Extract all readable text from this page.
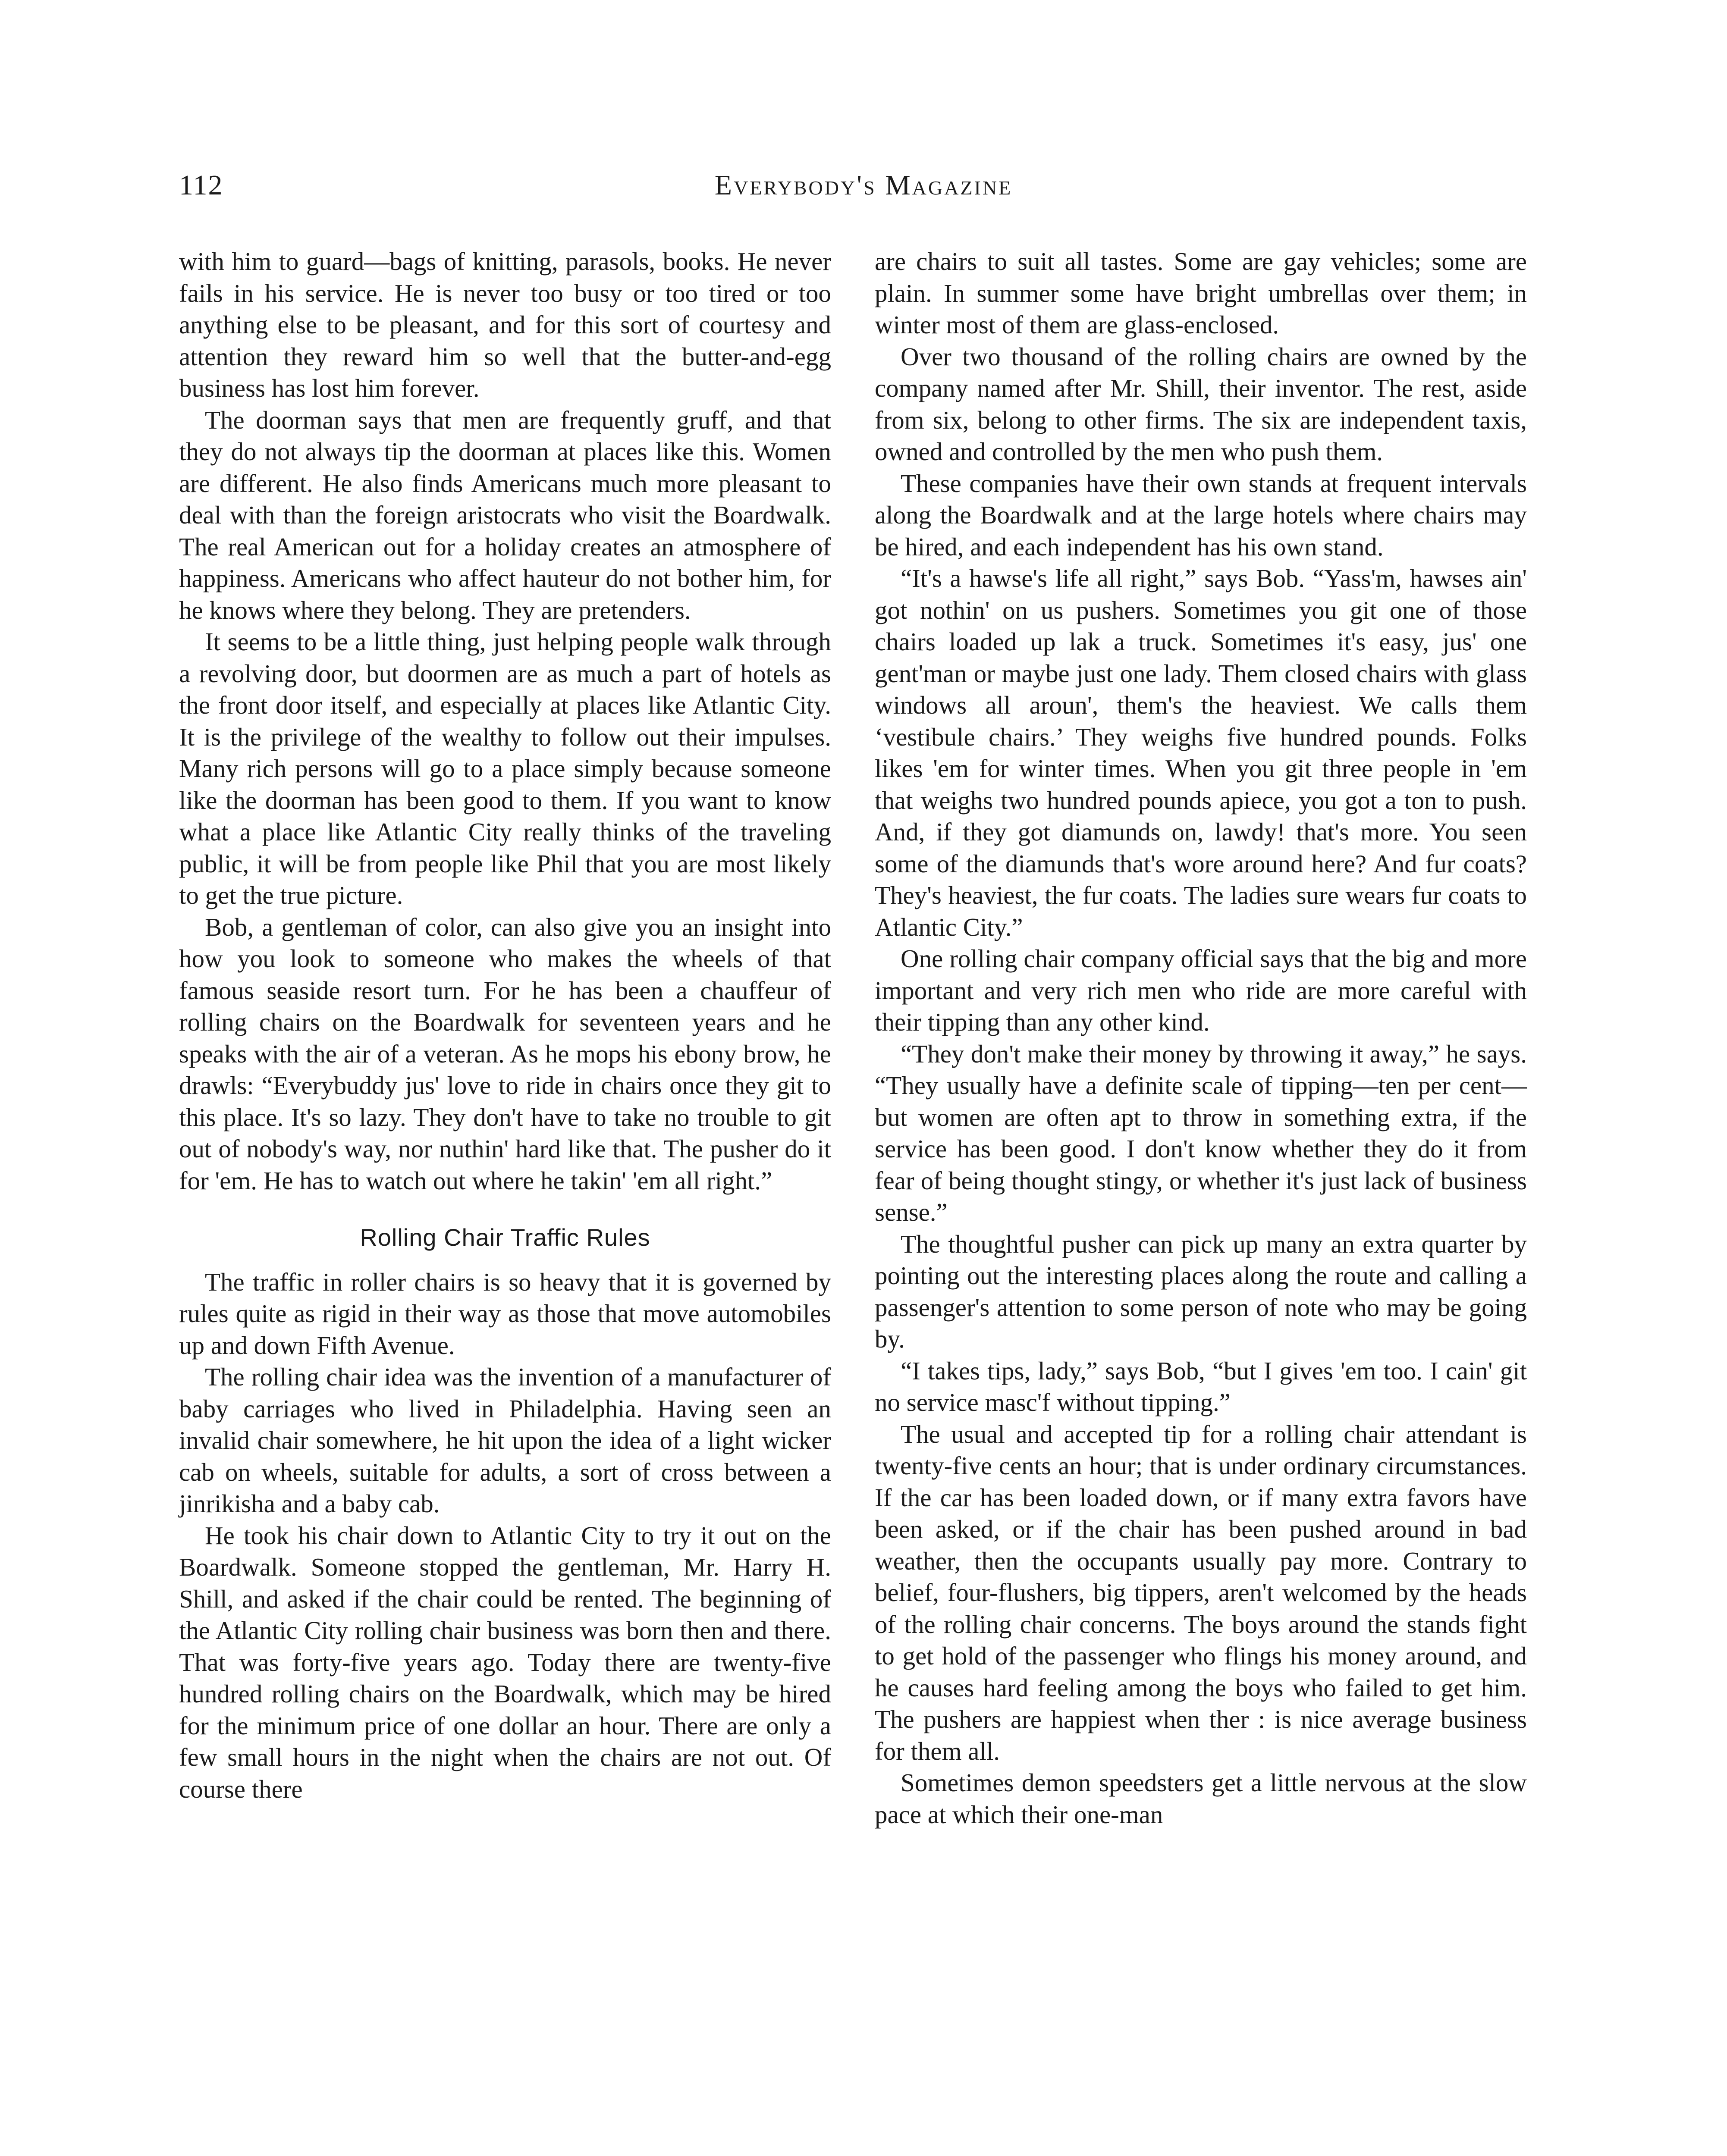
112	Everybody's Magazine

with him to guard—bags of knitting, parasols, books. He never fails in his service. He is never too busy or too tired or too anything else to be pleasant, and for this sort of courtesy and attention they reward him so well that the butter-and-egg business has lost him forever.

The doorman says that men are frequently gruff, and that they do not always tip the doorman at places like this. Women are different. He also finds Americans much more pleasant to deal with than the foreign aristocrats who visit the Boardwalk. The real American out for a holiday creates an atmosphere of happiness. Americans who affect hauteur do not bother him, for he knows where they belong. They are pretenders.

It seems to be a little thing, just helping people walk through a revolving door, but doormen are as much a part of hotels as the front door itself, and especially at places like Atlantic City. It is the privilege of the wealthy to follow out their impulses. Many rich persons will go to a place simply because someone like the doorman has been good to them. If you want to know what a place like Atlantic City really thinks of the traveling public, it will be from people like Phil that you are most likely to get the true picture.

Bob, a gentleman of color, can also give you an insight into how you look to someone who makes the wheels of that famous seaside resort turn. For he has been a chauffeur of rolling chairs on the Boardwalk for seventeen years and he speaks with the air of a veteran. As he mops his ebony brow, he drawls: “Everybuddy jus' love to ride in chairs once they git to this place. It's so lazy. They don't have to take no trouble to git out of nobody's way, nor nuthin' hard like that. The pusher do it for 'em. He has to watch out where he takin' 'em all right.”

Rolling Chair Traffic Rules

The traffic in roller chairs is so heavy that it is governed by rules quite as rigid in their way as those that move automobiles up and down Fifth Avenue.

The rolling chair idea was the invention of a manufacturer of baby carriages who lived in Philadelphia. Having seen an invalid chair somewhere, he hit upon the idea of a light wicker cab on wheels, suitable for adults, a sort of cross between a jinrikisha and a baby cab.

He took his chair down to Atlantic City to try it out on the Boardwalk. Someone stopped the gentleman, Mr. Harry H. Shill, and asked if the chair could be rented. The beginning of the Atlantic City rolling chair business was born then and there. That was forty-five years ago. Today there are twenty-five hundred rolling chairs on the Boardwalk, which may be hired for the minimum price of one dollar an hour. There are only a few small hours in the night when the chairs are not out. Of course there

are chairs to suit all tastes. Some are gay vehicles; some are plain. In summer some have bright umbrellas over them; in winter most of them are glass-enclosed.

Over two thousand of the rolling chairs are owned by the company named after Mr. Shill, their inventor. The rest, aside from six, belong to other firms. The six are independent taxis, owned and controlled by the men who push them.

These companies have their own stands at frequent intervals along the Boardwalk and at the large hotels where chairs may be hired, and each independent has his own stand.

“It's a hawse's life all right,” says Bob. “Yass'm, hawses ain' got nothin' on us pushers. Sometimes you git one of those chairs loaded up lak a truck. Sometimes it's easy, jus' one gent'man or maybe just one lady. Them closed chairs with glass windows all aroun', them's the heaviest. We calls them ‘vestibule chairs.’ They weighs five hundred pounds. Folks likes 'em for winter times. When you git three people in 'em that weighs two hundred pounds apiece, you got a ton to push. And, if they got diamunds on, lawdy! that's more. You seen some of the diamunds that's wore around here? And fur coats? They's heaviest, the fur coats. The ladies sure wears fur coats to Atlantic City.”

One rolling chair company official says that the big and more important and very rich men who ride are more careful with their tipping than any other kind.

“They don't make their money by throwing it away,” he says. “They usually have a definite scale of tipping—ten per cent—but women are often apt to throw in something extra, if the service has been good. I don't know whether they do it from fear of being thought stingy, or whether it's just lack of business sense.”

The thoughtful pusher can pick up many an extra quarter by pointing out the interesting places along the route and calling a passenger's attention to some person of note who may be going by.

“I takes tips, lady,” says Bob, “but I gives 'em too. I cain' git no service masc'f without tipping.”

The usual and accepted tip for a rolling chair attendant is twenty-five cents an hour; that is under ordinary circumstances. If the car has been loaded down, or if many extra favors have been asked, or if the chair has been pushed around in bad weather, then the occupants usually pay more. Contrary to belief, four-flushers, big tippers, aren't welcomed by the heads of the rolling chair concerns. The boys around the stands fight to get hold of the passenger who flings his money around, and he causes hard feeling among the boys who failed to get him. The pushers are happiest when ther : is nice average business for them all.

Sometimes demon speedsters get a little nervous at the slow pace at which their one-man
